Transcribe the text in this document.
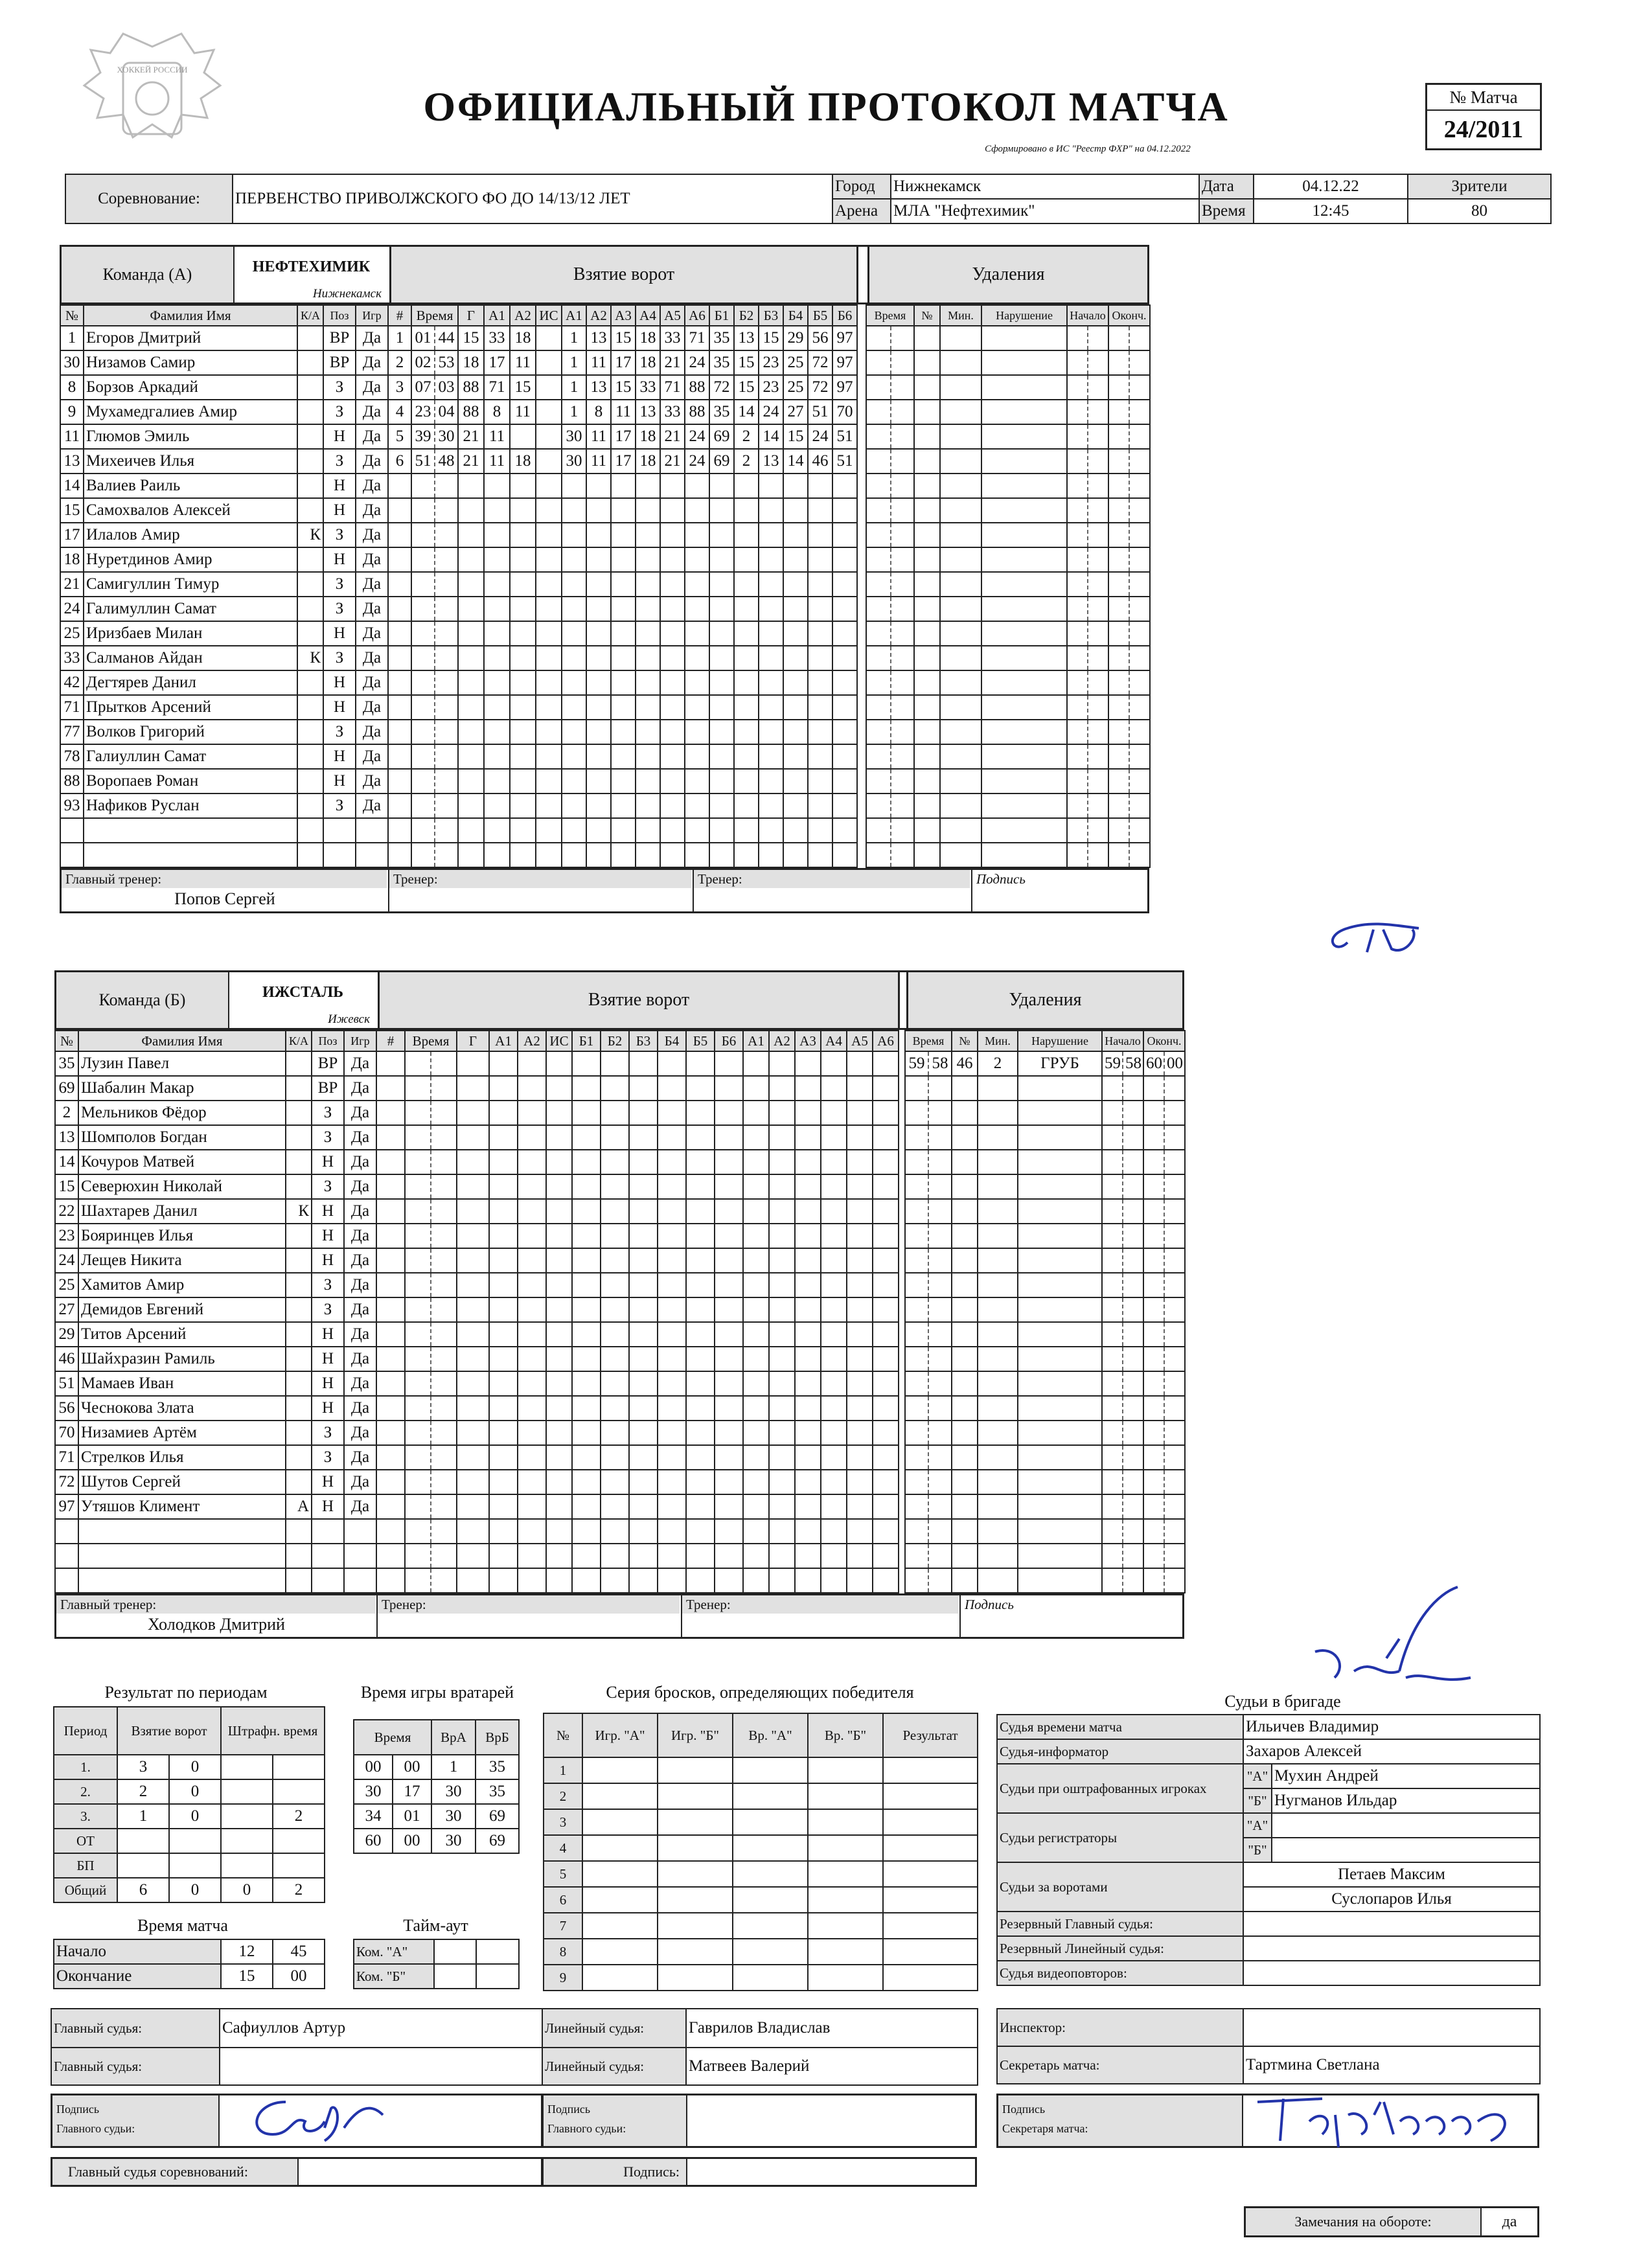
ХОККЕЙ РОССИИ
ОФИЦИАЛЬНЫЙ ПРОТОКОЛ МАТЧА
Сформировано в ИС "Реестр ФХР" на 04.12.2022
№ Матча
24/2011
Соревнование:	ПЕРВЕНСТВО ПРИВОЛЖСКОГО ФО ДО 14/13/12 ЛЕТ	Город	Нижнекамск	Дата	04.12.22	Зрители
		Арена	МЛА "Нефтехимик"	Время	12:45	80
Команда (А)	НЕФТЕХИМИК
Нижнекамск
Взятие ворот	Удаления
№	Фамилия Имя	К/А	Поз	Игр	#	Время		Г	А1	А2	ИС	А1	А2	А3	А4	А5	А6	Б1	Б2	Б3	Б4	Б5	Б6		Время		№	Мин.	Нарушение	Начало		Оконч.	
1	Егоров Дмитрий		ВР	Да	1	01	44	15	33	18		1	13	15	18	33	71	35	13	15	29	56	97										
30	Низамов Самир		ВР	Да	2	02	53	18	17	11		1	11	17	18	21	24	35	15	23	25	72	97										
8	Борзов Аркадий		З	Да	3	07	03	88	71	15		1	13	15	33	71	88	72	15	23	25	72	97										
9	Мухамедгалиев Амир		З	Да	4	23	04	88	8	11		1	8	11	13	33	88	35	14	24	27	51	70										
11	Глюмов Эмиль		Н	Да	5	39	30	21	11			30	11	17	18	21	24	69	2	14	15	24	51										
13	Михеичев Илья		З	Да	6	51	48	21	11	18		30	11	17	18	21	24	69	2	13	14	46	51										
14	Валиев Раиль		Н	Да																													
15	Самохвалов Алексей		Н	Да																													
17	Илалов Амир	К	З	Да																													
18	Нуретдинов Амир		Н	Да																													
21	Самигуллин Тимур		З	Да																													
24	Галимуллин Самат		З	Да																													
25	Иризбаев Милан		Н	Да																													
33	Салманов Айдан	К	З	Да																													
42	Дегтярев Данил		Н	Да																													
71	Прытков Арсений		Н	Да																													
77	Волков Григорий		З	Да																													
78	Галиуллин Самат		Н	Да																													
88	Воропаев Роман		Н	Да																													
93	Нафиков Руслан		З	Да																													

Главный тренер:
Попов Сергей
Тренер:	Тренер:	Подпись
Команда (Б)	ИЖСТАЛЬ
Ижевск
Взятие ворот	Удаления
№	Фамилия Имя	К/А	Поз	Игр	#	Время		Г	А1	А2	ИС	Б1	Б2	Б3	Б4	Б5	Б6	А1	А2	А3	А4	А5	А6		Время		№	Мин.	Нарушение	Начало		Оконч.	
35	Лузин Павел		ВР	Да																					59	58	46	2	ГРУБ	59	58	60	00
69	Шабалин Макар		ВР	Да																													
2	Мельников Фёдор		З	Да																													
13	Шомполов Богдан		З	Да																													
14	Кочуров Матвей		Н	Да																													
15	Северюхин Николай		З	Да																													
22	Шахтарев Данил	К	Н	Да																													
23	Бояринцев Илья		Н	Да																													
24	Лещев Никита		Н	Да																													
25	Хамитов Амир		З	Да																													
27	Демидов Евгений		З	Да																													
29	Титов Арсений		Н	Да																													
46	Шайхразин Рамиль		Н	Да																													
51	Мамаев Иван		Н	Да																													
56	Чеснокова Злата		Н	Да																													
70	Низамиев Артём		З	Да																													
71	Стрелков Илья		З	Да																													
72	Шутов Сергей		Н	Да																													
97	Утяшов Климент	А	Н	Да																													

Главный тренер:
Холодков Дмитрий
Тренер:	Тренер:	Подпись
Результат по периодам
Период	Взятие ворот		Штрафн. время	
1.	3	0		
2.	2	0		
3.	1	0		2
ОТ				
БП				
Общий	6	0	0	2
Время матча
Начало	12	45
Окончание	15	00
Время игры вратарей
Время		ВрА	ВрБ
00	00	1	35
30	17	30	35
34	01	30	69
60	00	30	69
Тайм-аут
Ком. "А"		
Ком. "Б"		
Серия бросков, определяющих победителя
№	Игр. "А"	Игр. "Б"	Вр. "А"	Вр. "Б"	Результат
1					
2					
3					
4					
5					
6					
7					
8					
9					
Судьи в бригаде
Судья времени матча	Ильичев Владимир	
Судья-информатор	Захаров Алексей	
Судьи при оштрафованных игроках	"А"	Мухин Андрей
	"Б"	Нугманов Ильдар
Судьи регистраторы	"А"	
	"Б"	
Судьи за воротами	Петаев Максим	
	Суслопаров Илья	
Резервный Главный судья:		
Резервный Линейный судья:		
Судья видеоповторов:		
Главный судья:	Сафиуллов Артур	Линейный судья:	Гаврилов Владислав
Главный судья:		Линейный судья:	Матвеев Валерий
Инспектор:	
Секретарь матча:	Тартмина Светлана
Подпись
Главного судьи:
Подпись
Главного судьи:
Подпись
Секретаря матча:
Главный судья соревнований:	Подпись:
Замечания на обороте:	да
